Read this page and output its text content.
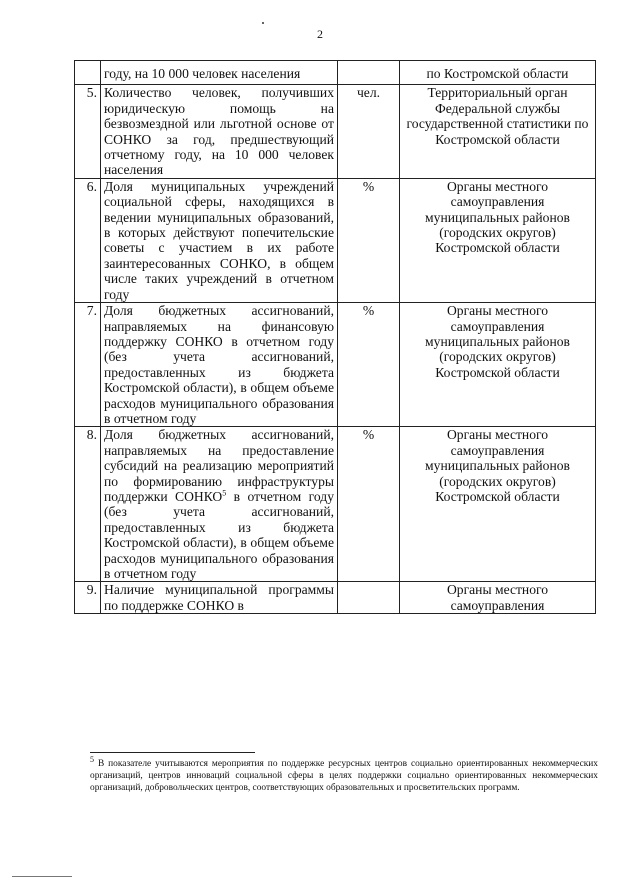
2
	году, на 10 000 человек населения		по Костромской области
5.	Количество человек, получивших юридическую помощь на безвозмездной или льготной основе от СОНКО за год, предшествующий отчетному году, на 10 000 человек населения	чел.	Территориальный орган Федеральной службы государственной статистики по Костромской области
6.	Доля муниципальных учреждений социальной сферы, находящихся в ведении муниципальных образований, в которых действуют попечительские советы с участием в их работе заинтересованных СОНКО, в общем числе таких учреждений в отчетном году	%	Органы местного самоуправления муниципальных районов (городских округов) Костромской области
7.	Доля бюджетных ассигнований, направляемых на финансовую поддержку СОНКО в отчетном году (без учета ассигнований, предоставленных из бюджета Костромской области), в общем объеме расходов муниципального образования в отчетном году	%	Органы местного самоуправления муниципальных районов (городских округов) Костромской области
8.	Доля бюджетных ассигнований, направляемых на предоставление субсидий на реализацию мероприятий по формированию инфраструктуры поддержки СОНКО$^5$ в отчетном году (без учета ассигнований, предоставленных из бюджета Костромской области), в общем объеме расходов муниципального образования в отчетном году	%	Органы местного самоуправления муниципальных районов (городских округов) Костромской области
9.	Наличие муниципальной программы по поддержке СОНКО в		Органы местного самоуправления
$^5$ В показателе учитываются мероприятия по поддержке ресурсных центров социально ориентированных некоммерческих организаций, центров инноваций социальной сферы в целях поддержки социально ориентированных некоммерческих организаций, добровольческих центров, соответствующих образовательных и просветительских программ.
